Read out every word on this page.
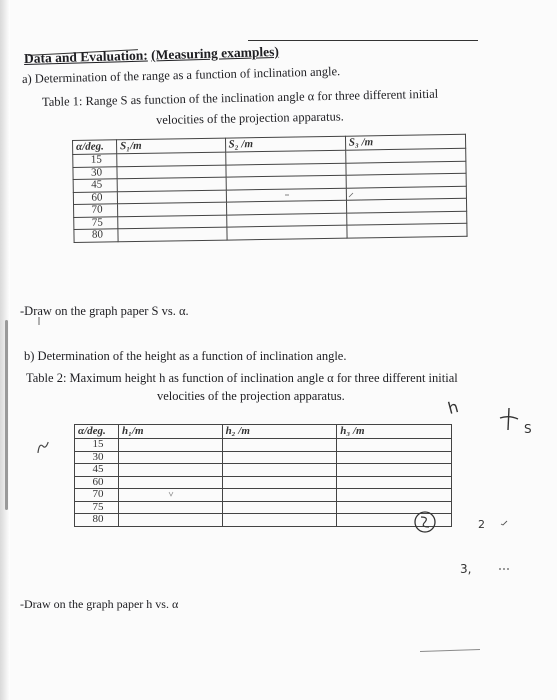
Data and Evaluation: (Measuring examples)
a) Determination of the range as a function of inclination angle.
Table 1: Range S as function of the inclination angle α for three different initial
velocities of the projection apparatus.
α/deg.	S₁/m	S₂ /m	S₃ /m
15			
30			
45			
60			
70			
75			
80			
-Draw on the graph paper S vs. α.
b) Determination of the height as a function of inclination angle.
Table 2: Maximum height h as function of inclination angle α for three different initial
velocities of the projection apparatus.
α/deg.	h₁/m	h₂ /m	h₃ /m
15			
30			
45			
60			
70			
75			
80			
-Draw on the graph paper h vs. α
h
S
2
3,
